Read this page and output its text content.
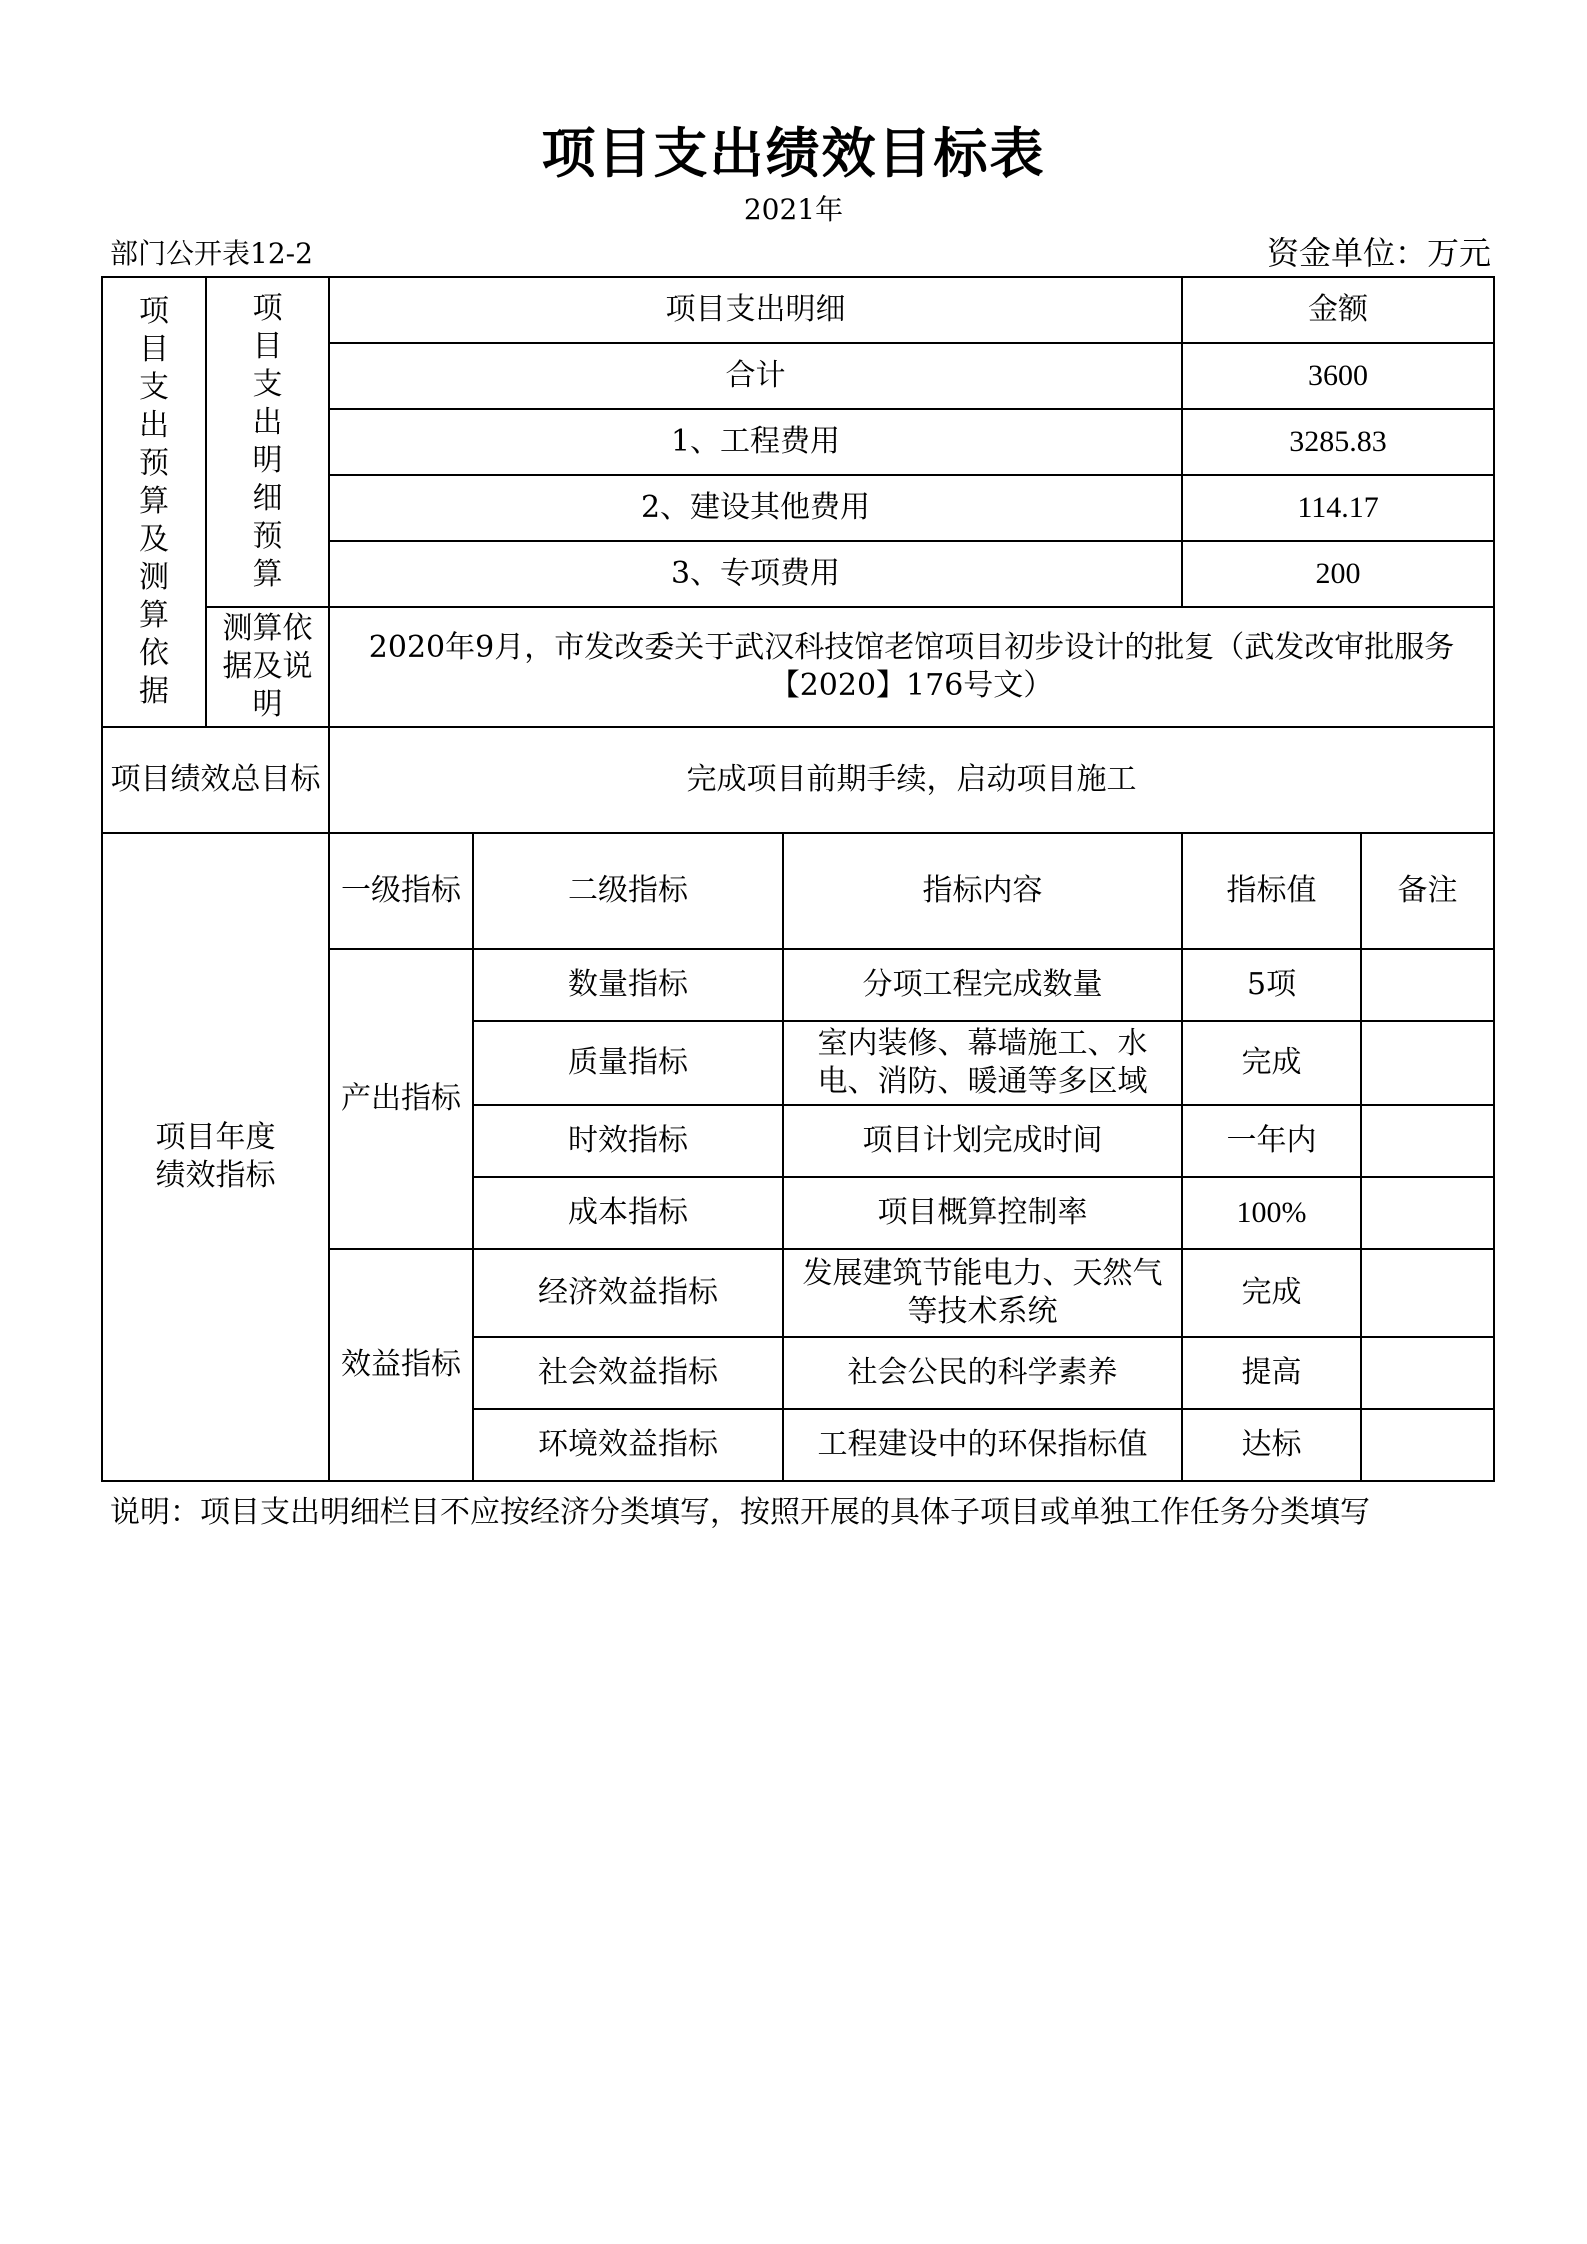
项目支出绩效目标表
2021年
部门公开表12-2	资金单位：万元
项目支出预算及测算依据	项目支出明细预算	项目支出明细			金额	
		合计			3600	
		1、工程费用			3285.83	
		2、建设其他费用			114.17	
		3、专项费用			200	
	测算依据及说明	2020年9月，市发改委关于武汉科技馆老馆项目初步设计的批复（武发改审批服务【2020】176号文）				

项目绩效总目标		完成项目前期手续，启动项目施工				
项目年度绩效指标		一级指标	二级指标	指标内容	指标值	备注
		产出指标	数量指标	分项工程完成数量	5项	
			质量指标	室内装修、幕墙施工、水电、消防、暖通等多区域	完成	
			时效指标	项目计划完成时间	一年内	
			成本指标	项目概算控制率	100%	
		效益指标	经济效益指标	发展建筑节能电力、天然气等技术系统	完成	
			社会效益指标	社会公民的科学素养	提高	
			环境效益指标	工程建设中的环保指标值	达标	
说明：项目支出明细栏目不应按经济分类填写，按照开展的具体子项目或单独工作任务分类填写
